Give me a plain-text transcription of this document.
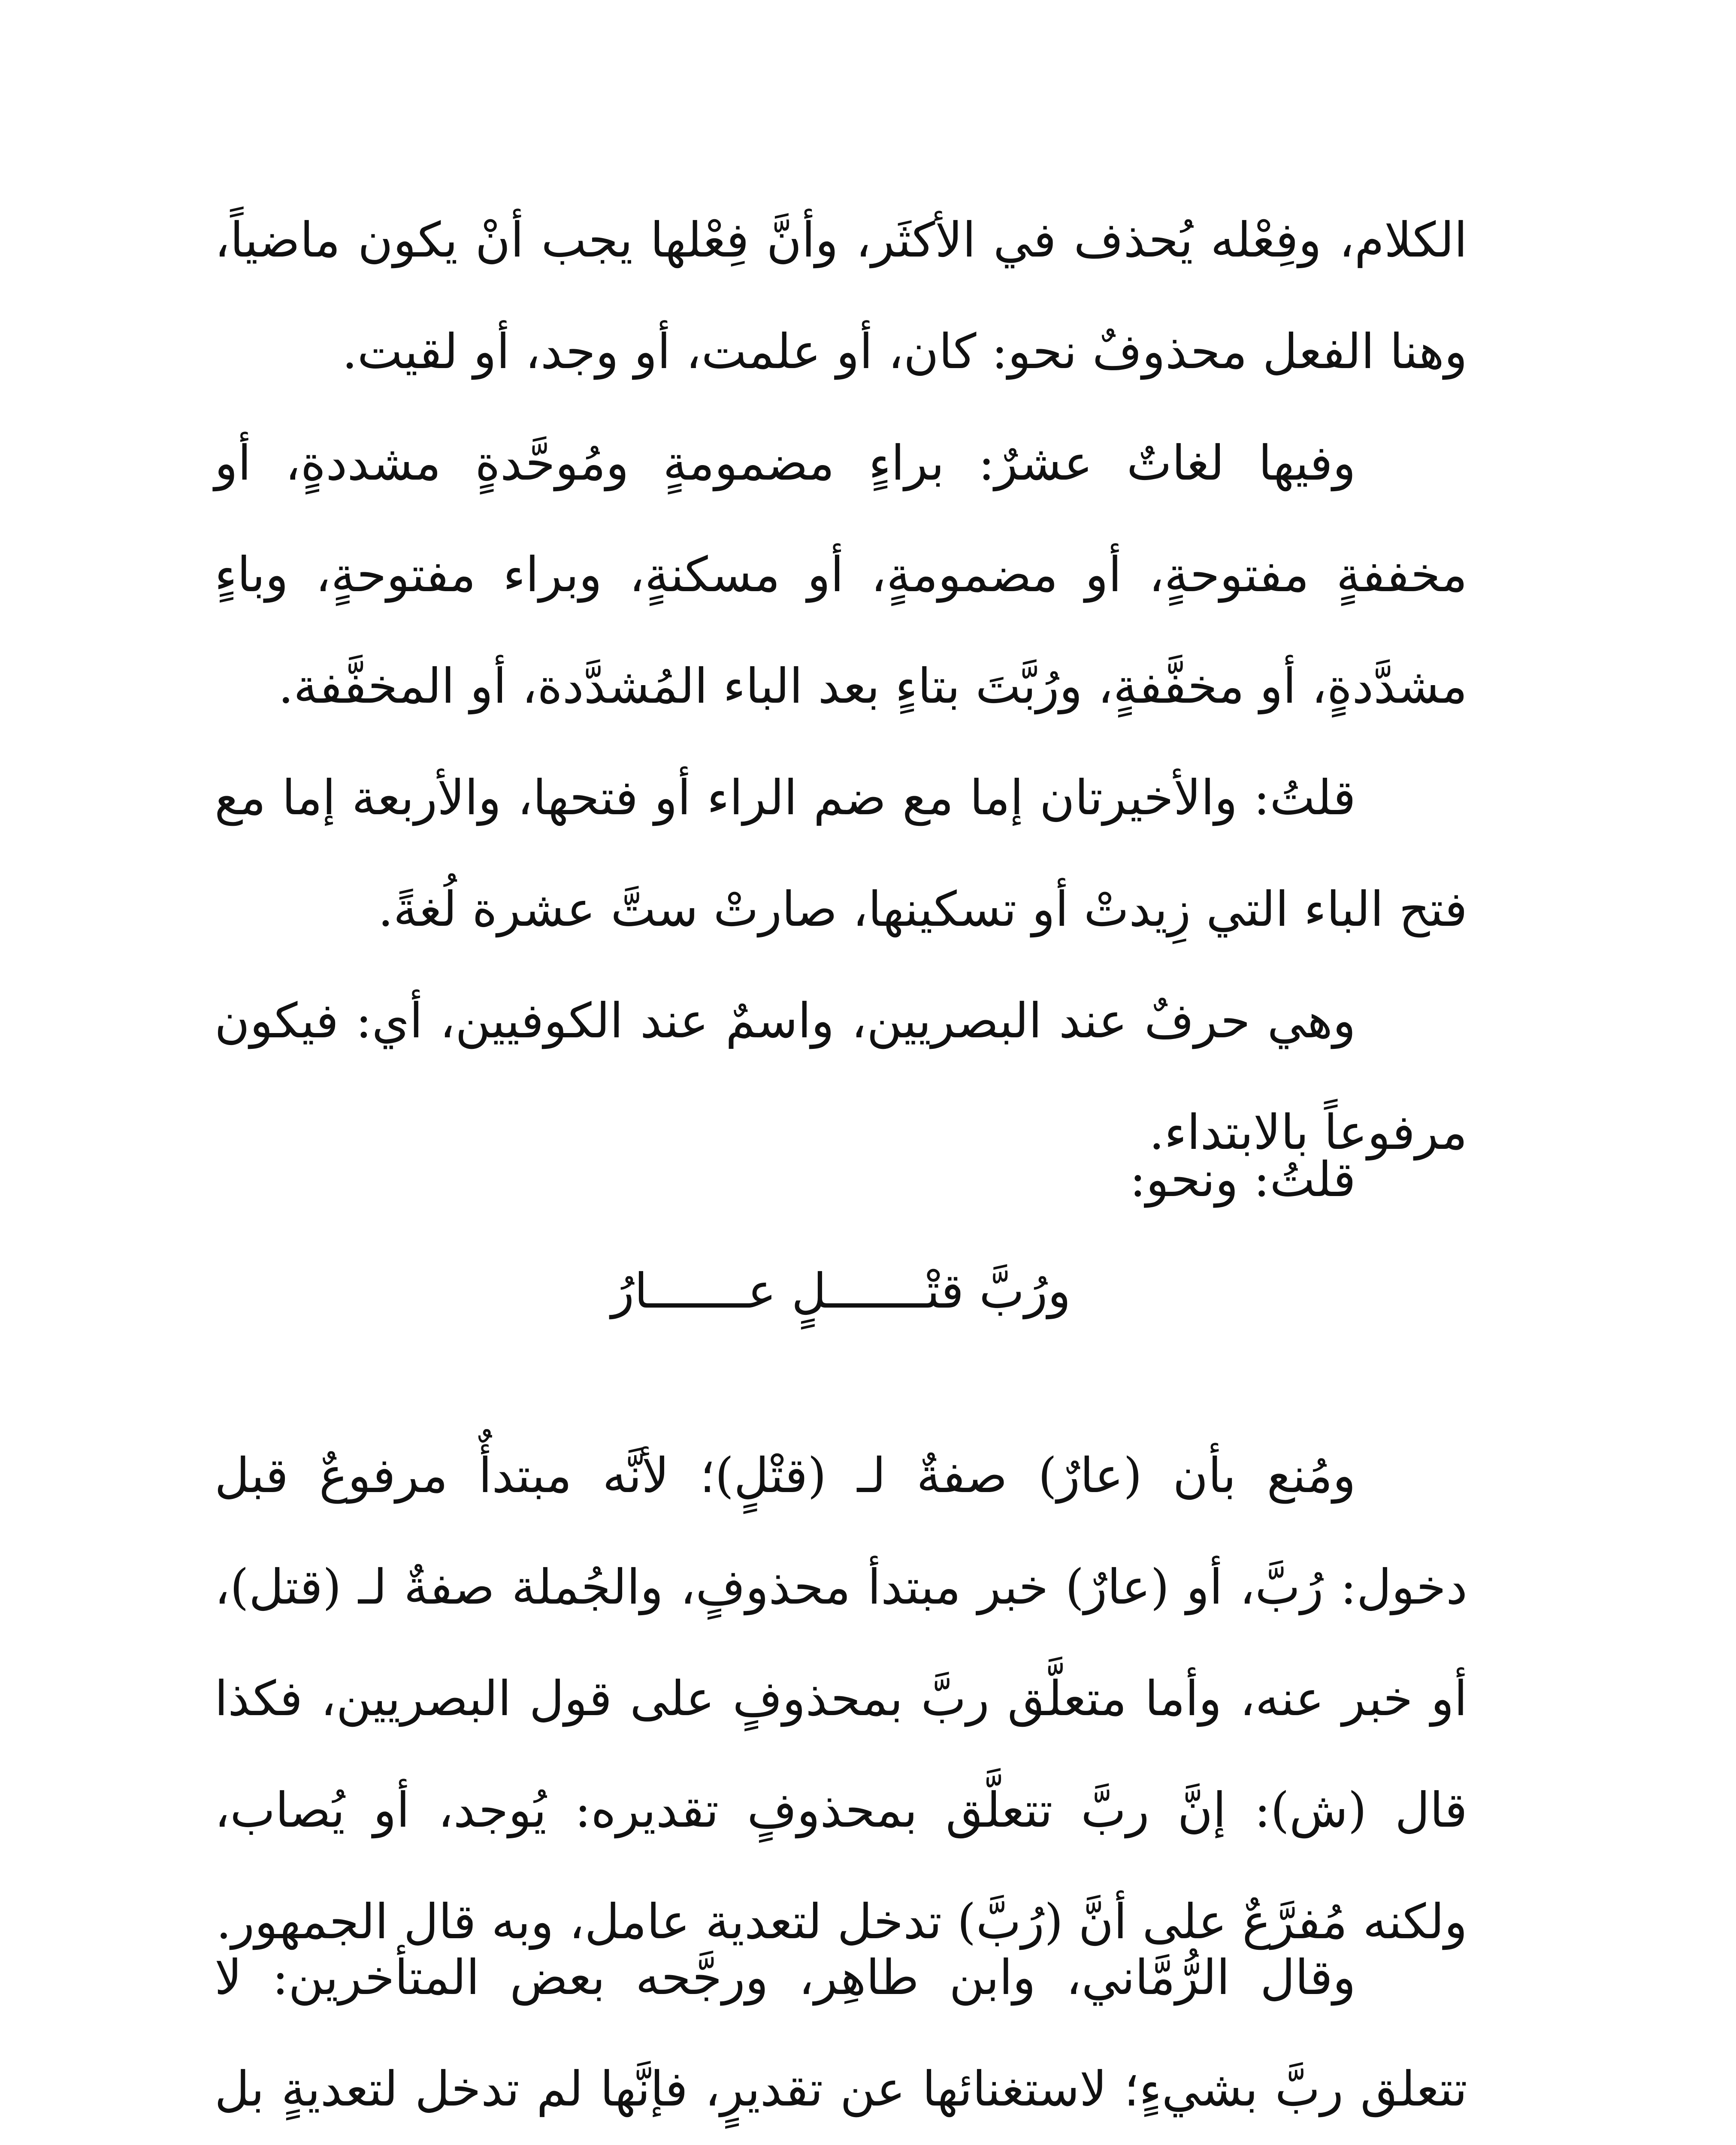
الكلام، وفِعْله يُحذف في الأكثَر، وأنَّ فِعْلها يجب أنْ يكون ماضياً، وهنا الفعل محذوفٌ نحو: كان، أو علمت، أو وجد، أو لقيت.

وفيها لغاتٌ عشرٌ: براءٍ مضمومةٍ ومُوحَّدةٍ مشددةٍ، أو مخففةٍ مفتوحةٍ، أو مضمومةٍ، أو مسكنةٍ، وبراء مفتوحةٍ، وباءٍ مشدَّدةٍ، أو مخفَّفةٍ، ورُبَّتَ بتاءٍ بعد الباء المُشدَّدة، أو المخفَّفة.

قلتُ: والأخيرتان إما مع ضم الراء أو فتحها، والأربعة إما مع فتح الباء التي زِيدتْ أو تسكينها، صارتْ ستَّ عشرة لُغةً.

وهي حرفٌ عند البصريين، واسمٌ عند الكوفيين، أي: فيكون مرفوعاً بالابتداء.

قلتُ: ونحو:

ورُبَّ قتْـــــــلٍ عـــــــارُ

ومُنع بأن (عارٌ) صفةٌ لـ (قتْلٍ)؛ لأنَّه مبتدأٌ مرفوعٌ قبل دخول: رُبَّ، أو (عارٌ) خبر مبتدأ محذوفٍ، والجُملة صفةٌ لـ (قتل)، أو خبر عنه، وأما متعلَّق ربَّ بمحذوفٍ على قول البصريين، فكذا قال (ش): إنَّ ربَّ تتعلَّق بمحذوفٍ تقديره: يُوجد، أو يُصاب، ولكنه مُفرَّعٌ على أنَّ (رُبَّ) تدخل لتعدية عامل، وبه قال الجمهور.

وقال الرُّمَّاني، وابن طاهِر، ورجَّحه بعض المتأخرين: لا تتعلق ربَّ بشيءٍ؛ لاستغنائها عن تقديرٍ، فإنَّها لم تدخل لتعديةٍ بل
